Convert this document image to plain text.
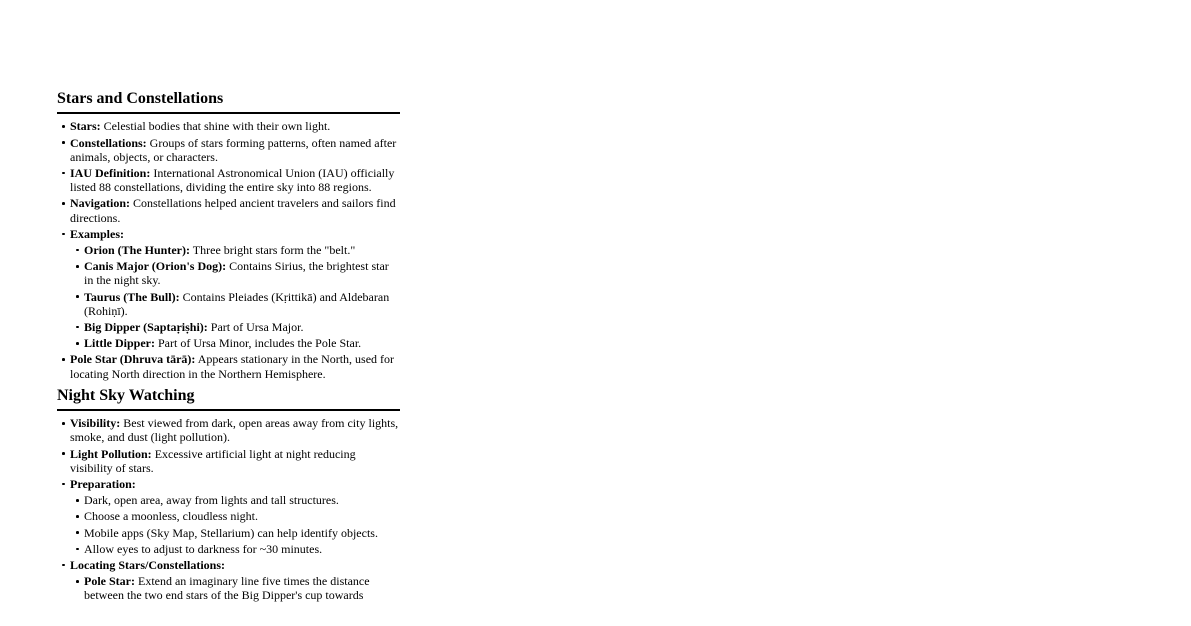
Stars and Constellations
Stars: Celestial bodies that shine with their own light.
Constellations: Groups of stars forming patterns, often named after animals, objects, or characters.
IAU Definition: International Astronomical Union (IAU) officially listed 88 constellations, dividing the entire sky into 88 regions.
Navigation: Constellations helped ancient travelers and sailors find directions.
Examples:
Orion (The Hunter): Three bright stars form the "belt."
Canis Major (Orion's Dog): Contains Sirius, the brightest star in the night sky.
Taurus (The Bull): Contains Pleiades (Kṛittikā) and Aldebaran (Rohiṇī).
Big Dipper (Saptaṛiṣhi): Part of Ursa Major.
Little Dipper: Part of Ursa Minor, includes the Pole Star.
Pole Star (Dhruva tārā): Appears stationary in the North, used for locating North direction in the Northern Hemisphere.
Night Sky Watching
Visibility: Best viewed from dark, open areas away from city lights, smoke, and dust (light pollution).
Light Pollution: Excessive artificial light at night reducing visibility of stars.
Preparation:
Dark, open area, away from lights and tall structures.
Choose a moonless, cloudless night.
Mobile apps (Sky Map, Stellarium) can help identify objects.
Allow eyes to adjust to darkness for ~30 minutes.
Locating Stars/Constellations:
Pole Star: Extend an imaginary line five times the distance between the two end stars of the Big Dipper's cup towards
